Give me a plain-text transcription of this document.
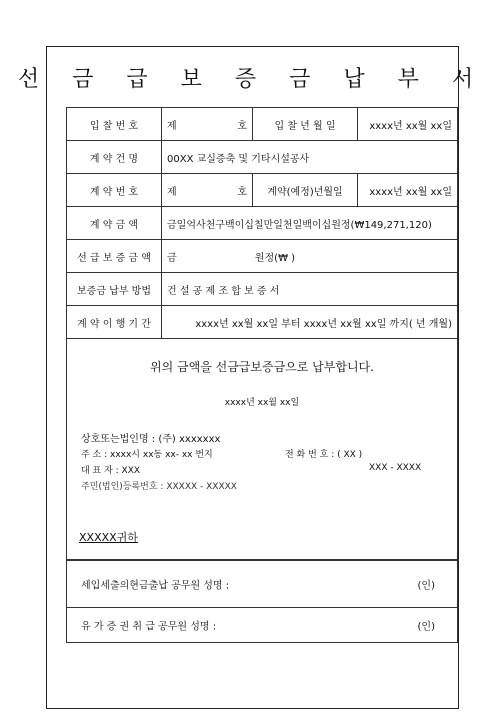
선 금 급 보 증 금 납 부 서
입 찰 번 호	제 호	입 찰 년 월 일	xxxx년 xx월 xx일
계 약 건 명	00XX 교실증축 및 기타시설공사		
계 약 번 호	제 호	계약(예정)년월일	xxxx년 xx월 xx일
계 약 금 액	금일억사천구백이십칠만일천일백이십원정(₩149,271,120)		
선 급 보 증 금 액	금 원정(₩ )		
보증금 납부 방법	건 설 공 제 조 합 보 증 서		
계 약 이 행 기 간	xxxx년 xx월 xx일 부터 xxxx년 xx월 xx일 까지( 년 개월)		
위의 금액을 선금급보증금으로 납부합니다.
xxxx년 xx월 xx일
상호또는법인명 : (주) xxxxxxx
주 소 : xxxx시 xx동 xx- xx 번지	전 화 번 호 : ( XX )
대 표 자 : XXX	XXX - XXXX
주민(법인)등록번호 : XXXXX - XXXXX
XXXXX귀하
세입세출의현금출납 공무원 성명 :	(인)
유 가 증 권 취 급 공무원 성명 :	(인)
